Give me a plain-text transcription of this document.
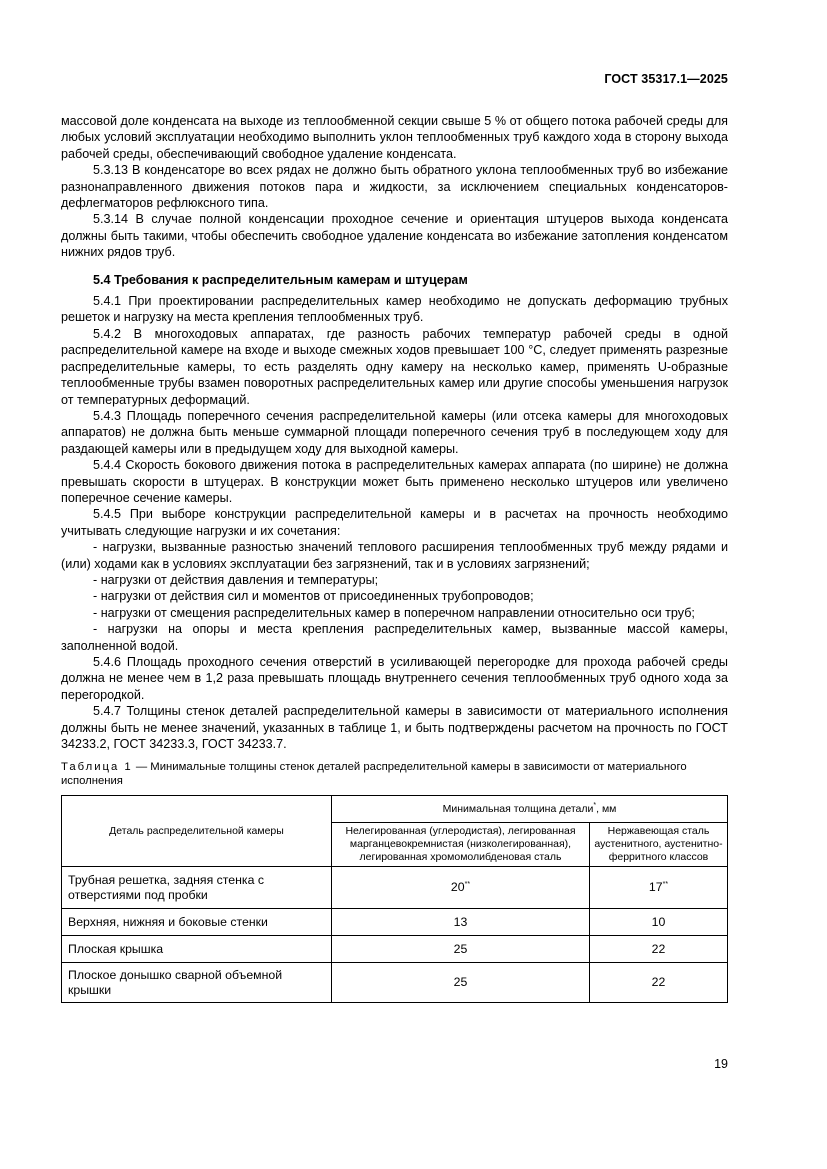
ГОСТ 35317.1—2025

массовой доле конденсата на выходе из теплообменной секции свыше 5 % от общего потока рабочей среды для любых условий эксплуатации необходимо выполнить уклон теплообменных труб каждого хода в сторону выхода рабочей среды, обеспечивающий свободное удаление конденсата.

5.3.13 В конденсаторе во всех рядах не должно быть обратного уклона теплообменных труб во избежание разнонаправленного движения потоков пара и жидкости, за исключением специальных конденсаторов-дефлегматоров рефлюксного типа.

5.3.14 В случае полной конденсации проходное сечение и ориентация штуцеров выхода конденсата должны быть такими, чтобы обеспечить свободное удаление конденсата во избежание затопления конденсатом нижних рядов труб.

5.4 Требования к распределительным камерам и штуцерам

5.4.1 При проектировании распределительных камер необходимо не допускать деформацию трубных решеток и нагрузку на места крепления теплообменных труб.

5.4.2 В многоходовых аппаратах, где разность рабочих температур рабочей среды в одной распределительной камере на входе и выходе смежных ходов превышает 100 °С, следует применять разрезные распределительные камеры, то есть разделять одну камеру на несколько камер, применять U-образные теплообменные трубы взамен поворотных распределительных камер или другие способы уменьшения нагрузок от температурных деформаций.

5.4.3 Площадь поперечного сечения распределительной камеры (или отсека камеры для многоходовых аппаратов) не должна быть меньше суммарной площади поперечного сечения труб в последующем ходу для раздающей камеры или в предыдущем ходу для выходной камеры.

5.4.4 Скорость бокового движения потока в распределительных камерах аппарата (по ширине) не должна превышать скорости в штуцерах. В конструкции может быть применено несколько штуцеров или увеличено поперечное сечение камеры.

5.4.5 При выборе конструкции распределительной камеры и в расчетах на прочность необходимо учитывать следующие нагрузки и их сочетания:

- нагрузки, вызванные разностью значений теплового расширения теплообменных труб между рядами и (или) ходами как в условиях эксплуатации без загрязнений, так и в условиях загрязнений;

- нагрузки от действия давления и температуры;

- нагрузки от действия сил и моментов от присоединенных трубопроводов;

- нагрузки от смещения распределительных камер в поперечном направлении относительно оси труб;

- нагрузки на опоры и места крепления распределительных камер, вызванные массой камеры, заполненной водой.

5.4.6 Площадь проходного сечения отверстий в усиливающей перегородке для прохода рабочей среды должна не менее чем в 1,2 раза превышать площадь внутреннего сечения теплообменных труб одного хода за перегородкой.

5.4.7 Толщины стенок деталей распределительной камеры в зависимости от материального исполнения должны быть не менее значений, указанных в таблице 1, и быть подтверждены расчетом на прочность по ГОСТ 34233.2, ГОСТ 34233.3, ГОСТ 34233.7.

Таблица 1 — Минимальные толщины стенок деталей распределительной камеры в зависимости от материального исполнения
Деталь распределительной камеры	Минимальная толщина детали*, мм	
	Нелегированная (углеродистая), легированная марганцевокремнистая (низколегированная), легированная хромомолибденовая сталь	Нержавеющая сталь аустенитного, аустенитно-ферритного классов
Трубная решетка, задняя стенка с отверстиями под пробки	20**	17**
Верхняя, нижняя и боковые стенки	13	10
Плоская крышка	25	22
Плоское донышко сварной объемной крышки	25	22
19
